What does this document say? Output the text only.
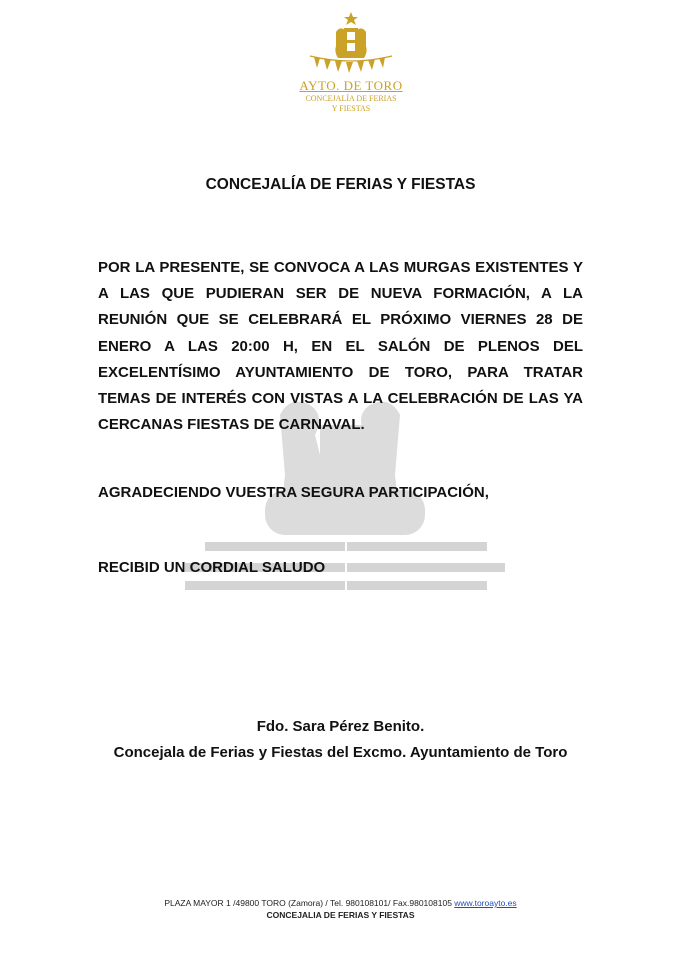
AYTO. DE TORO
CONCEJALÍA DE FERIAS
Y FIESTAS
CONCEJALÍA DE FERIAS Y FIESTAS
POR LA PRESENTE, SE CONVOCA A LAS MURGAS EXISTENTES Y A LAS QUE PUDIERAN SER DE NUEVA FORMACIÓN, A LA REUNIÓN QUE SE CELEBRARÁ EL PRÓXIMO VIERNES 28 DE ENERO A LAS 20:00 H, EN EL SALÓN DE PLENOS DEL EXCELENTÍSIMO AYUNTAMIENTO DE TORO, PARA TRATAR TEMAS DE INTERÉS CON VISTAS A LA CELEBRACIÓN DE LAS YA CERCANAS FIESTAS DE CARNAVAL.
AGRADECIENDO VUESTRA SEGURA PARTICIPACIÓN,
RECIBID UN CORDIAL SALUDO
Fdo. Sara Pérez Benito.
Concejala de Ferias y Fiestas del Excmo. Ayuntamiento de Toro
PLAZA MAYOR 1 /49800 TORO (Zamora) / Tel. 980108101/ Fax.980108105 www.toroayto.es
CONCEJALIA DE FERIAS Y FIESTAS
